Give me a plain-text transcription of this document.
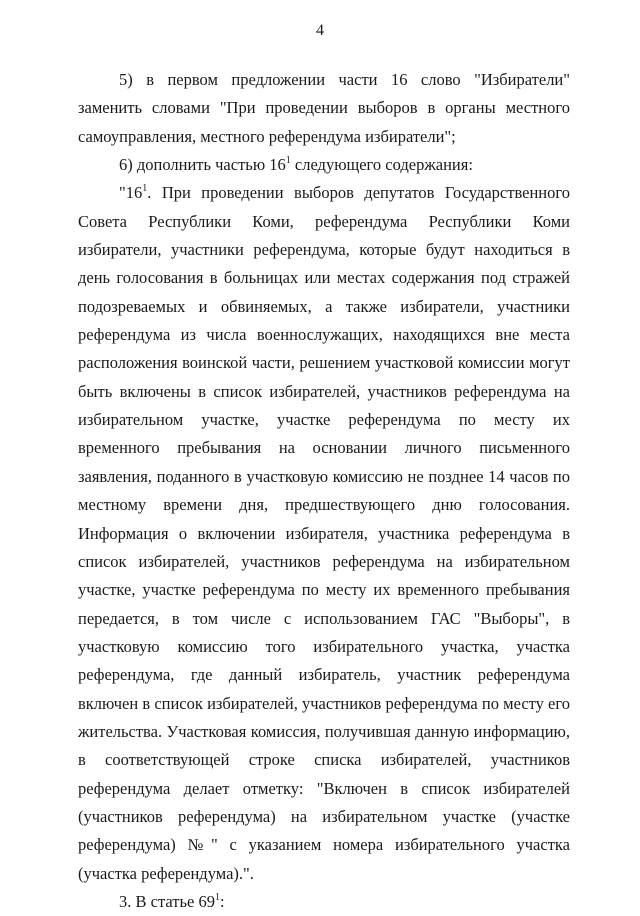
4

5) в первом предложении части 16 слово "Избиратели" заменить словами "При проведении выборов в органы местного самоуправления, местного референдума избиратели";

6) дополнить частью $16^1$ следующего содержания:

"$16^1$. При проведении выборов депутатов Государственного Совета Республики Коми, референдума Республики Коми избиратели, участники референдума, которые будут находиться в день голосования в больницах или местах содержания под стражей подозреваемых и обвиняемых, а также избиратели, участники референдума из числа военнослужащих, находящихся вне места расположения воинской части, решением участковой комиссии могут быть включены в список избирателей, участников референдума на избирательном участке, участке референдума по месту их временного пребывания на основании личного письменного заявления, поданного в участковую комиссию не позднее 14 часов по местному времени дня, предшествующего дню голосования. Информация о включении избирателя, участника референдума в список избирателей, участников референдума на избирательном участке, участке референдума по месту их временного пребывания передается, в том числе с использованием ГАС "Выборы", в участковую комиссию того избирательного участка, участка референдума, где данный избиратель, участник референдума включен в список избирателей, участников референдума по месту его жительства. Участковая комиссия, получившая данную информацию, в соответствующей строке списка избирателей, участников референдума делает отметку: "Включен в список избирателей (участников референдума) на избирательном участке (участке референдума) №" с указанием номера избирательного участка (участка референдума).".

3. В статье $69^1$:
